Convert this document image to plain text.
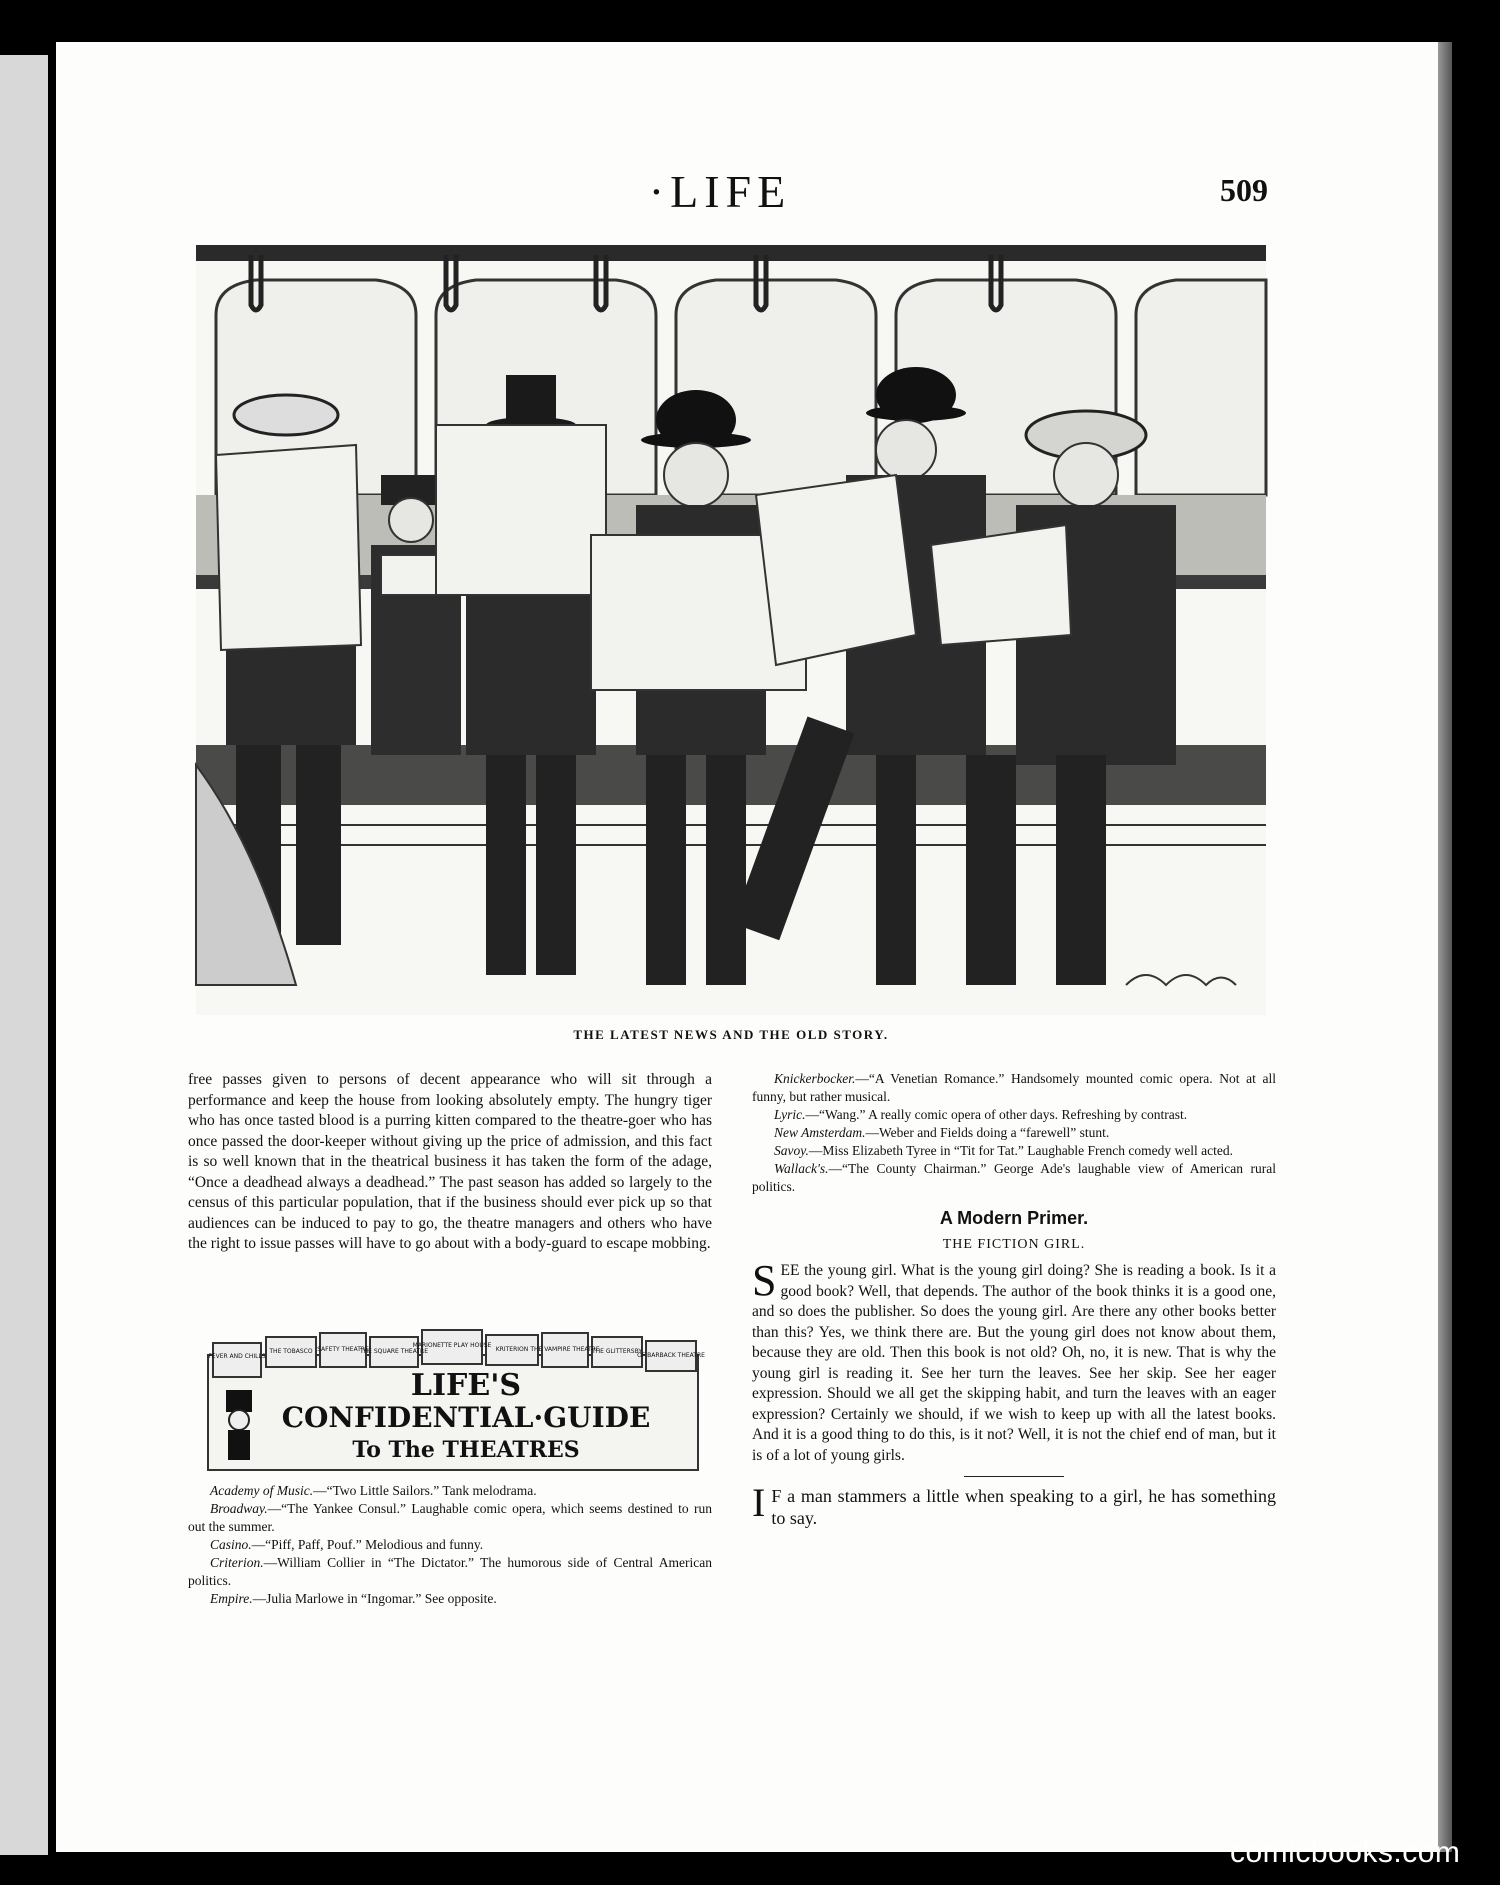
·LIFE	509
THE LATEST NEWS AND THE OLD STORY.

free passes given to persons of decent appearance who will sit through a performance and keep the house from looking absolutely empty. The hungry tiger who has once tasted blood is a purring kitten compared to the theatre-goer who has once passed the door-keeper without giving up the price of admission, and this fact is so well known that in the theatrical business it has taken the form of the adage, “Once a deadhead always a deadhead.” The past season has added so largely to the census of this particular population, that if the business should ever pick up so that audiences can be induced to pay to go, the theatre managers and others who have the right to issue passes will have to go about with a body-guard to escape mobbing.

FEVER AND CHILLS
THE TOBASCO SAFETY THEATRE
THE SQUARE THEATRE
MARIONETTE PLAY HOUSE
KRITERION THE VAMPIRE THEATRE
THE GLITTERSBY
OF BARBACK THEATRE
LIFE'S
CONFIDENTIAL·GUIDE
To The THEATRES

Academy of Music.—“Two Little Sailors.” Tank melodrama.

Broadway.—“The Yankee Consul.” Laughable comic opera, which seems destined to run out the summer.

Casino.—“Piff, Paff, Pouf.” Melodious and funny.

Criterion.—William Collier in “The Dictator.” The humorous side of Central American politics.

Empire.—Julia Marlowe in “Ingomar.” See opposite.

Knickerbocker.—“A Venetian Romance.” Handsomely mounted comic opera. Not at all funny, but rather musical.

Lyric.—“Wang.” A really comic opera of other days. Refreshing by contrast.

New Amsterdam.—Weber and Fields doing a “farewell” stunt.

Savoy.—Miss Elizabeth Tyree in “Tit for Tat.” Laughable French comedy well acted.

Wallack's.—“The County Chairman.” George Ade's laughable view of American rural politics.

A Modern Primer.

THE FICTION GIRL.

SEE the young girl. What is the young girl doing? She is reading a book. Is it a good book? Well, that depends. The author of the book thinks it is a good one, and so does the publisher. So does the young girl. Are there any other books better than this? Yes, we think there are. But the young girl does not know about them, because they are old. Then this book is not old? Oh, no, it is new. That is why the young girl is reading it. See her turn the leaves. See her skip. See her eager expression. Should we all get the skipping habit, and turn the leaves with an eager expression? Certainly we should, if we wish to keep up with all the latest books. And it is a good thing to do this, is it not? Well, it is not the chief end of man, but it is of a lot of young girls.

I F a man stammers a little when speaking to a girl, he has something to say.

comicbooks.com
